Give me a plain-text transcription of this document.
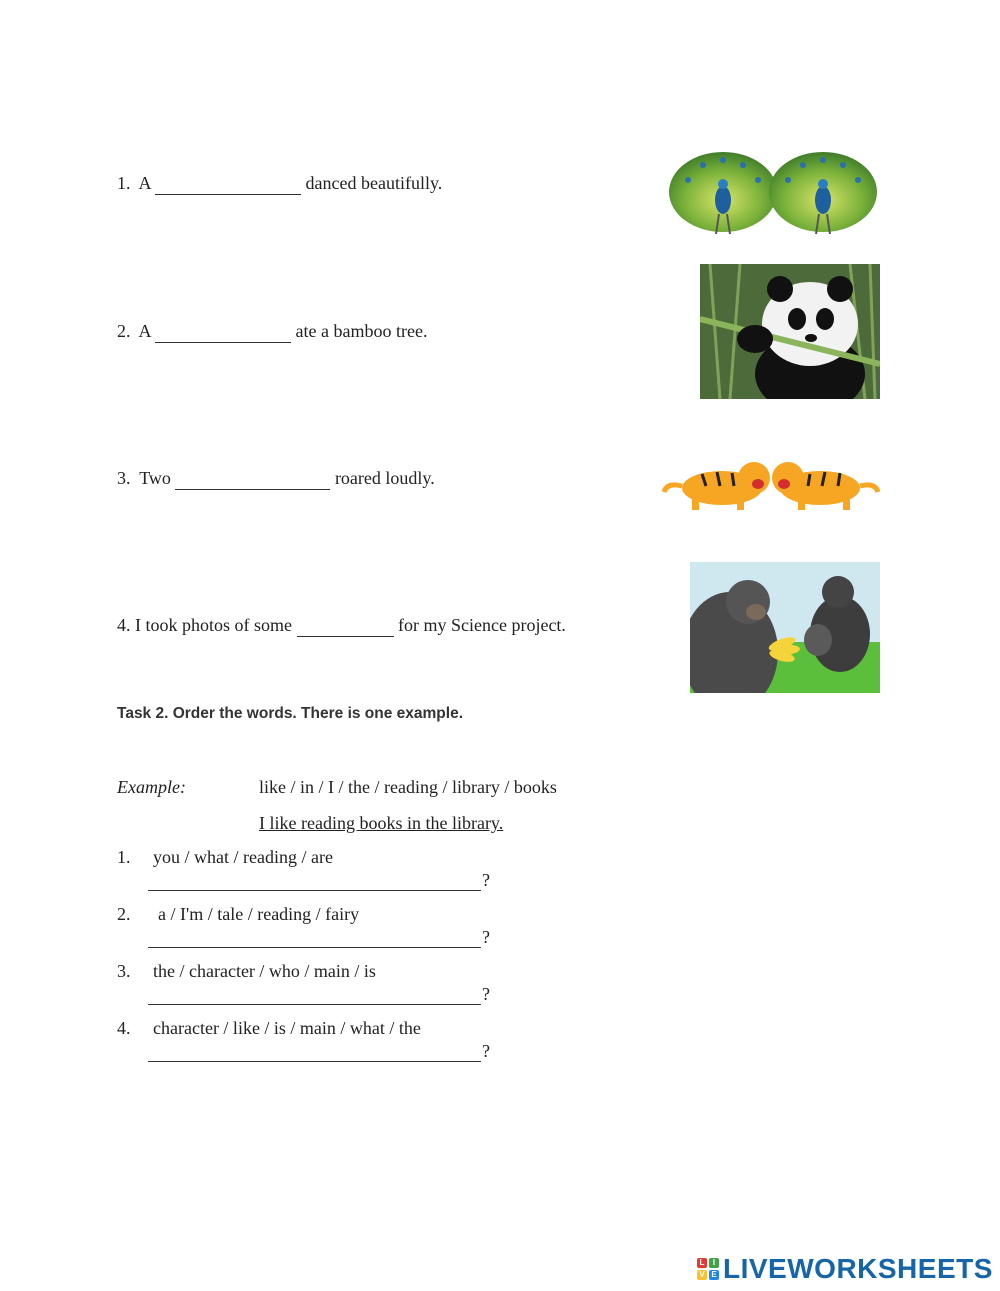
1. A	danced beautifully.
2. A	ate a bamboo tree.
3. Two	roared loudly.
4. I took photos of some	for my Science project.
Task 2. Order the words. There is one example.
Example:	like / in / I / the / reading / library / books
I like reading books in the library.
1. you / what / reading / are
?
2. a / I'm / tale / reading / fairy
?
3. the / character / who / main / is
?
4. character / like / is / main / what / the
?
L	I
V E LIVEWORKSHEETS
